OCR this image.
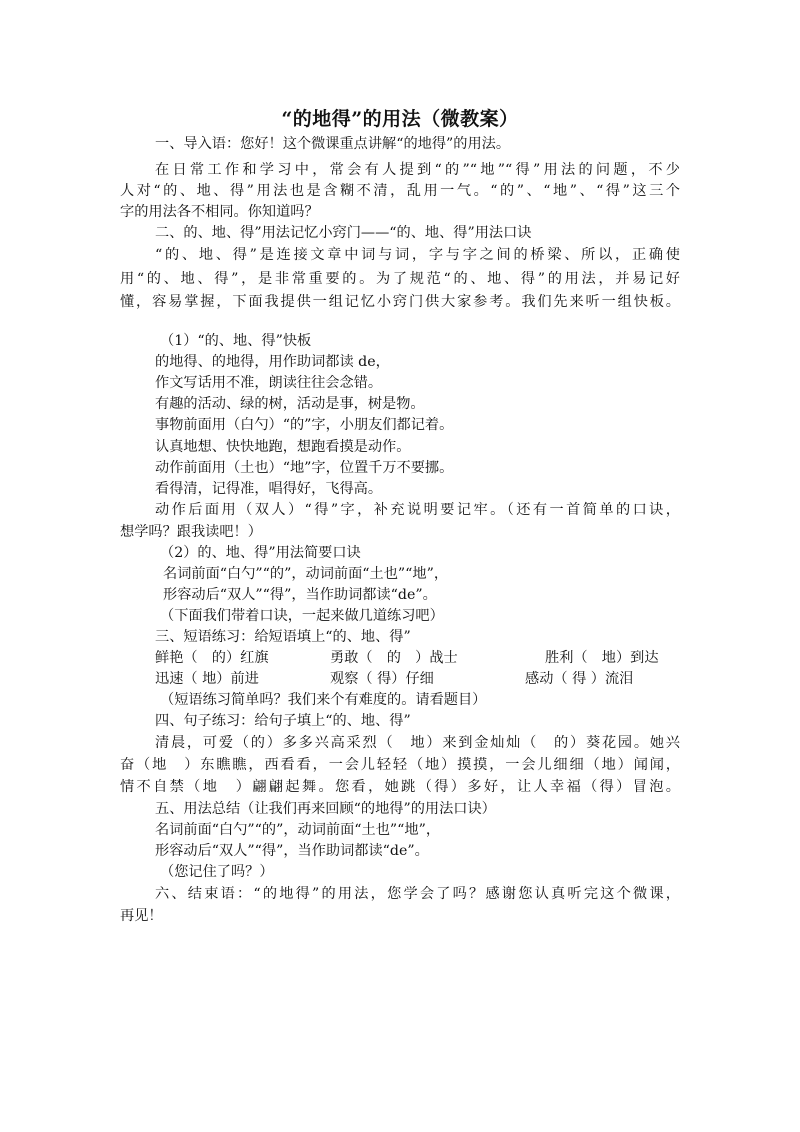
“的地得”的用法（微教案）
一、导入语：您好！这个微课重点讲解“的地得”的用法。
在日常工作和学习中，常会有人提到“的”“地”“得”用法的问题，不少
人对“的、地、得”用法也是含糊不清，乱用一气。“的”、“地”、“得”这三个
字的用法各不相同。你知道吗？
二、的、地、得”用法记忆小窍门——“的、地、得”用法口诀
“的、地、得”是连接文章中词与词，字与字之间的桥梁、所以，正确使
用“的、地、得”，是非常重要的。为了规范“的、地、得”的用法，并易记好
懂，容易掌握，下面我提供一组记忆小窍门供大家参考。我们先来听一组快板。
（1）“的、地、得”快板
的地得、的地得，用作助词都读 de，
作文写话用不准，朗读往往会念错。
有趣的活动、绿的树，活动是事，树是物。
事物前面用（白勺）“的”字，小朋友们都记着。
认真地想、快快地跑，想跑看摸是动作。
动作前面用（土也）“地”字，位置千万不要挪。
看得清，记得准，唱得好，飞得高。
动作后面用（双人）“得”字，补充说明要记牢。（还有一首简单的口诀，
想学吗？跟我读吧！）
（2）的、地、得”用法简要口诀
名词前面“白勺”“的”，动词前面“土也”“地”，
形容动后“双人”“得”，当作助词都读“de”。
（下面我们带着口诀，一起来做几道练习吧）
三、短语练习：给短语填上“的、地、得”
鲜艳（　的）红旗	勇敢（　的　）战士	胜利（　地）到达
迅速（ 地）前进	观察（ 得）仔细	感动（ 得 ）流泪
（短语练习简单吗？我们来个有难度的。请看题目）
四、句子练习：给句子填上“的、地、得”
清晨，可爱（的）多多兴高采烈（　地）来到金灿灿（　的）葵花园。她兴
奋（地　）东瞧瞧，西看看，一会儿轻轻（地）摸摸，一会儿细细（地）闻闻，
情不自禁（地　）翩翩起舞。您看，她跳（得）多好，让人幸福（得）冒泡。
五、用法总结（让我们再来回顾“的地得”的用法口诀）
名词前面“白勺”“的”，动词前面“土也”“地”，
形容动后“双人”“得”，当作助词都读“de”。
（您记住了吗？）
六、结束语：“的地得”的用法，您学会了吗？感谢您认真听完这个微课，
再见！
